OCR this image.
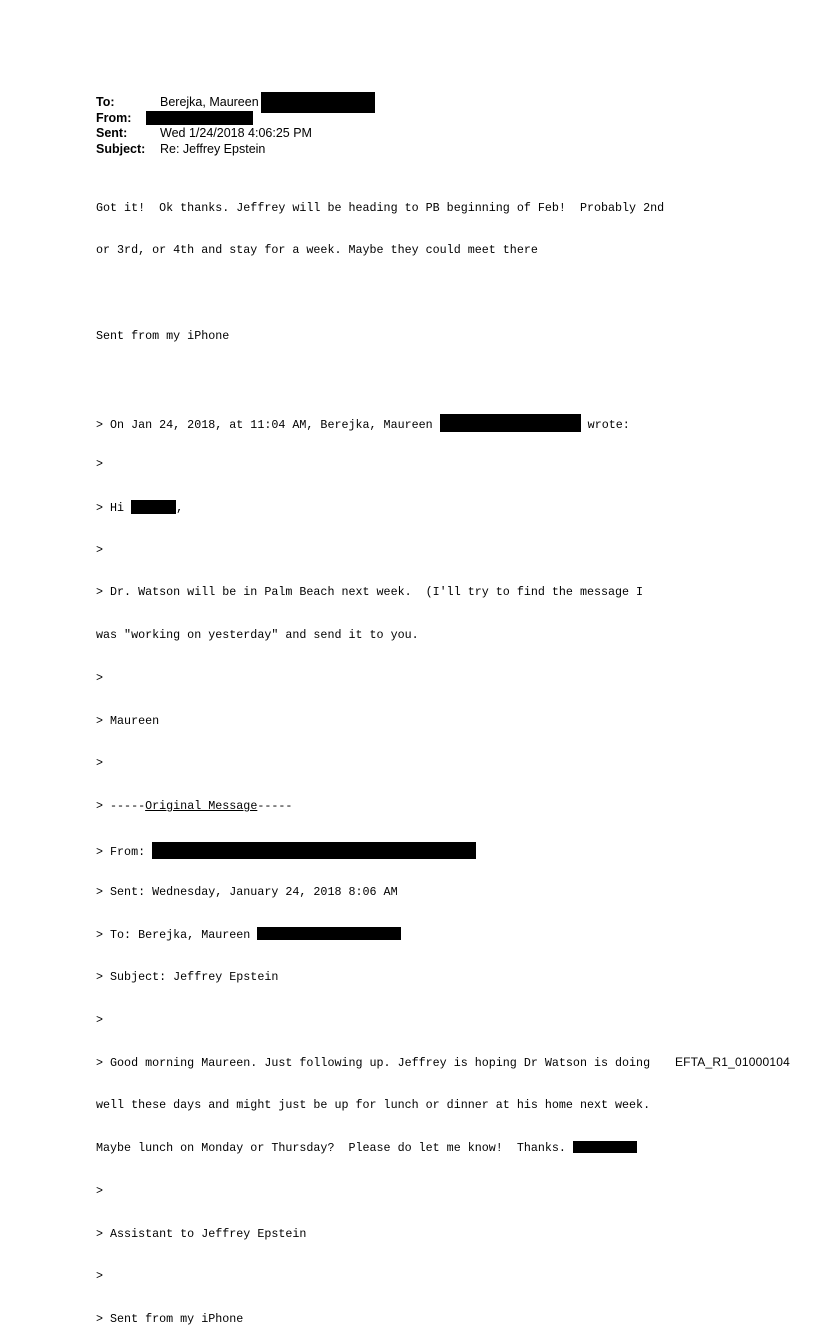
To:	Berejka, Maureen
From:
Sent:	Wed 1/24/2018 4:06:25 PM
Subject:	Re: Jeffrey Epstein

Got it!  Ok thanks. Jeffrey will be heading to PB beginning of Feb!  Probably 2nd

or 3rd, or 4th and stay for a week. Maybe they could meet there

Sent from my iPhone

> On Jan 24, 2018, at 11:04 AM, Berejka, Maureen	wrote:

>

> Hi	,

>

> Dr. Watson will be in Palm Beach next week.  (I'll try to find the message I

was "working on yesterday" and send it to you.

>

> Maureen

>

> -----Original Message-----

> From:

> Sent: Wednesday, January 24, 2018 8:06 AM

> To: Berejka, Maureen

> Subject: Jeffrey Epstein

>

> Good morning Maureen. Just following up. Jeffrey is hoping Dr Watson is doing

well these days and might just be up for lunch or dinner at his home next week.

Maybe lunch on Monday or Thursday?  Please do let me know!  Thanks.

>

> Assistant to Jeffrey Epstein

>

> Sent from my iPhone

EFTA_R1_01000104
